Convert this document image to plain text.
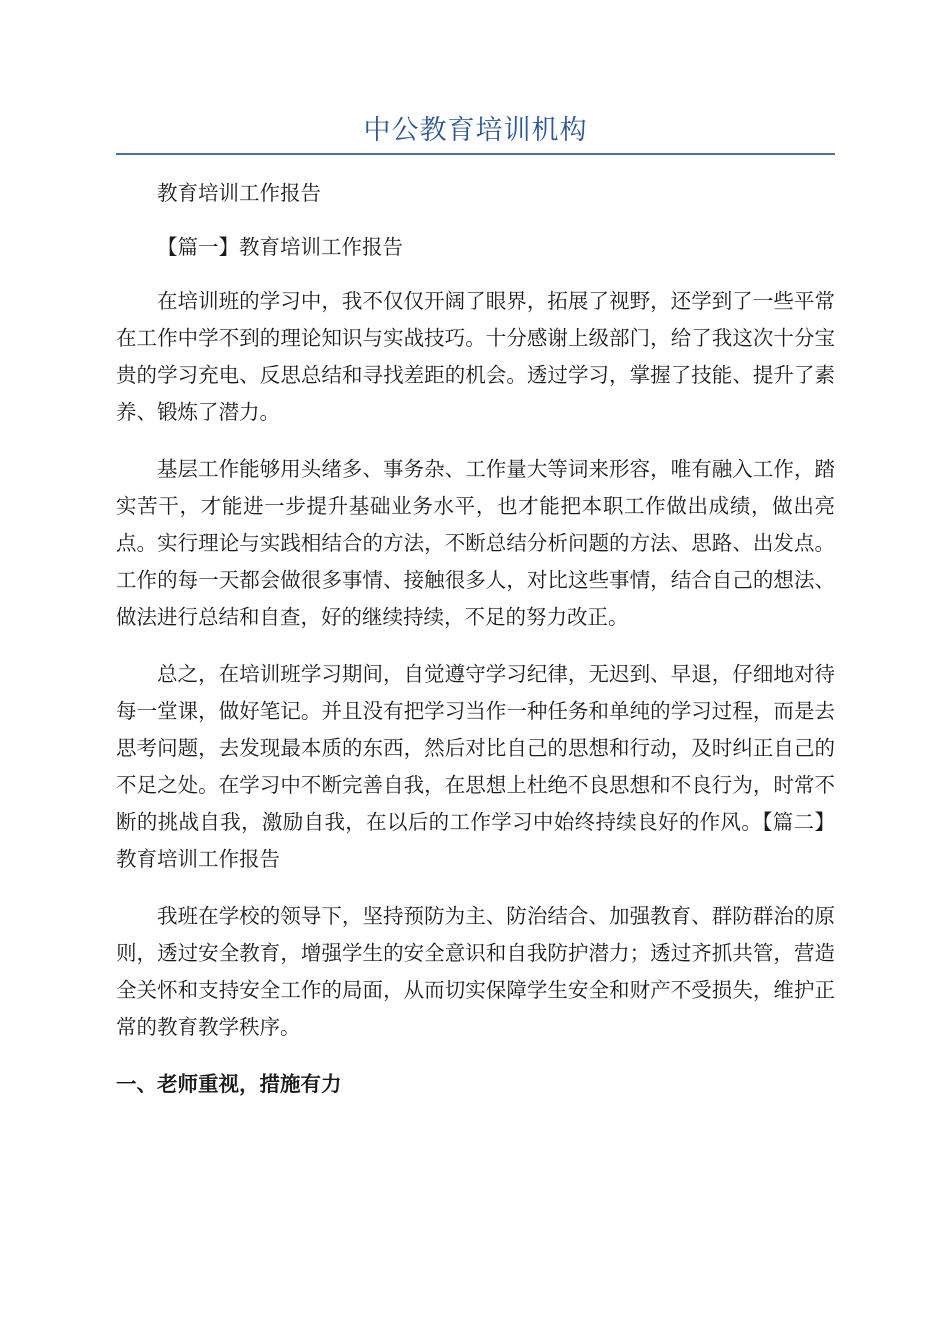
中公教育培训机构

教育培训工作报告

【篇一】教育培训工作报告

在培训班的学习中，我不仅仅开阔了眼界，拓展了视野，还学到了一些平常在工作中学不到的理论知识与实战技巧。十分感谢上级部门，给了我这次十分宝贵的学习充电、反思总结和寻找差距的机会。透过学习，掌握了技能、提升了素养、锻炼了潜力。

基层工作能够用头绪多、事务杂、工作量大等词来形容，唯有融入工作，踏实苦干，才能进一步提升基础业务水平，也才能把本职工作做出成绩，做出亮点。实行理论与实践相结合的方法，不断总结分析问题的方法、思路、出发点。工作的每一天都会做很多事情、接触很多人，对比这些事情，结合自己的想法、做法进行总结和自查，好的继续持续，不足的努力改正。

总之，在培训班学习期间，自觉遵守学习纪律，无迟到、早退，仔细地对待每一堂课，做好笔记。并且没有把学习当作一种任务和单纯的学习过程，而是去思考问题，去发现最本质的东西，然后对比自己的思想和行动，及时纠正自己的不足之处。在学习中不断完善自我，在思想上杜绝不良思想和不良行为，时常不断的挑战自我，激励自我，在以后的工作学习中始终持续良好的作风。【篇二】教育培训工作报告

我班在学校的领导下，坚持预防为主、防治结合、加强教育、群防群治的原则，透过安全教育，增强学生的安全意识和自我防护潜力；透过齐抓共管，营造全关怀和支持安全工作的局面，从而切实保障学生安全和财产不受损失，维护正常的教育教学秩序。

一、老师重视，措施有力
